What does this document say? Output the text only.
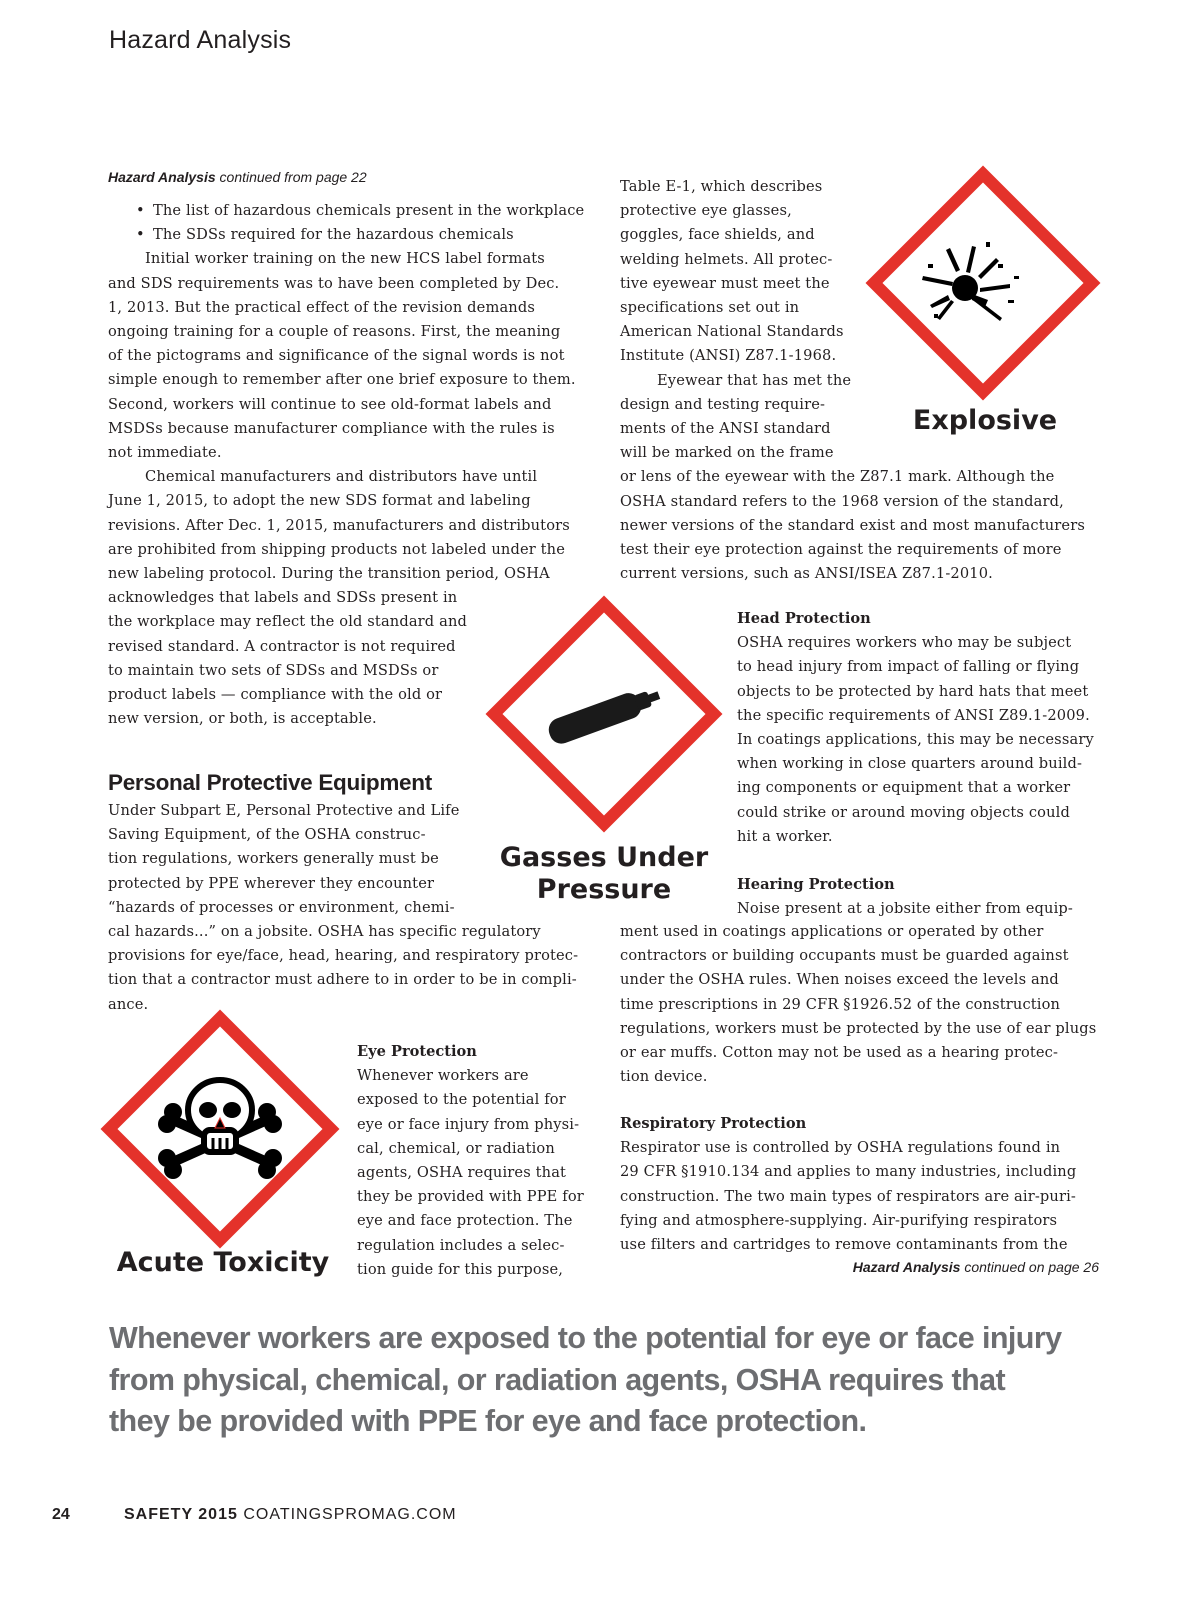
Hazard Analysis
Hazard Analysis continued from page 22
• The list of hazardous chemicals present in the workplace
• The SDSs required for the hazardous chemicals
Initial worker training on the new HCS label formats
and SDS requirements was to have been completed by Dec.
1, 2013. But the practical effect of the revision demands
ongoing training for a couple of reasons. First, the meaning
of the pictograms and significance of the signal words is not
simple enough to remember after one brief exposure to them.
Second, workers will continue to see old-format labels and
MSDSs because manufacturer compliance with the rules is
not immediate.
Chemical manufacturers and distributors have until
June 1, 2015, to adopt the new SDS format and labeling
revisions. After Dec. 1, 2015, manufacturers and distributors
are prohibited from shipping products not labeled under the
new labeling protocol. During the transition period, OSHA
acknowledges that labels and SDSs present in
the workplace may reflect the old standard and
revised standard. A contractor is not required
to maintain two sets of SDSs and MSDSs or
product labels — compliance with the old or
new version, or both, is acceptable.
Personal Protective Equipment
Under Subpart E, Personal Protective and Life
Saving Equipment, of the OSHA construc-
tion regulations, workers generally must be
protected by PPE wherever they encounter
“hazards of processes or environment, chemi-
cal hazards...” on a jobsite. OSHA has specific regulatory
provisions for eye/face, head, hearing, and respiratory protec-
tion that a contractor must adhere to in order to be in compli-
ance.
Eye Protection
Whenever workers are
exposed to the potential for
eye or face injury from physi-
cal, chemical, or radiation
agents, OSHA requires that
they be provided with PPE for
eye and face protection. The
regulation includes a selec-
tion guide for this purpose,
Table E-1, which describes
protective eye glasses,
goggles, face shields, and
welding helmets. All protec-
tive eyewear must meet the
specifications set out in
American National Standards
Institute (ANSI) Z87.1-1968.
Eyewear that has met the
design and testing require-
ments of the ANSI standard
will be marked on the frame
or lens of the eyewear with the Z87.1 mark. Although the
OSHA standard refers to the 1968 version of the standard,
newer versions of the standard exist and most manufacturers
test their eye protection against the requirements of more
current versions, such as ANSI/ISEA Z87.1-2010.
Head Protection
OSHA requires workers who may be subject
to head injury from impact of falling or flying
objects to be protected by hard hats that meet
the specific requirements of ANSI Z89.1-2009.
In coatings applications, this may be necessary
when working in close quarters around build-
ing components or equipment that a worker
could strike or around moving objects could
hit a worker.
Hearing Protection
Noise present at a jobsite either from equip-
ment used in coatings applications or operated by other
contractors or building occupants must be guarded against
under the OSHA rules. When noises exceed the levels and
time prescriptions in 29 CFR §1926.52 of the construction
regulations, workers must be protected by the use of ear plugs
or ear muffs. Cotton may not be used as a hearing protec-
tion device.
Respiratory Protection
Respirator use is controlled by OSHA regulations found in
29 CFR §1910.134 and applies to many industries, including
construction. The two main types of respirators are air-puri-
fying and atmosphere-supplying. Air-purifying respirators
use filters and cartridges to remove contaminants from the
Hazard Analysis continued on page 26
Explosive
Gasses Under
Pressure
Acute Toxicity
Whenever workers are exposed to the potential for eye or face injury
from physical, chemical, or radiation agents, OSHA requires that
they be provided with PPE for eye and face protection.
24	SAFETY 2015 COATINGSPROMAG.COM
